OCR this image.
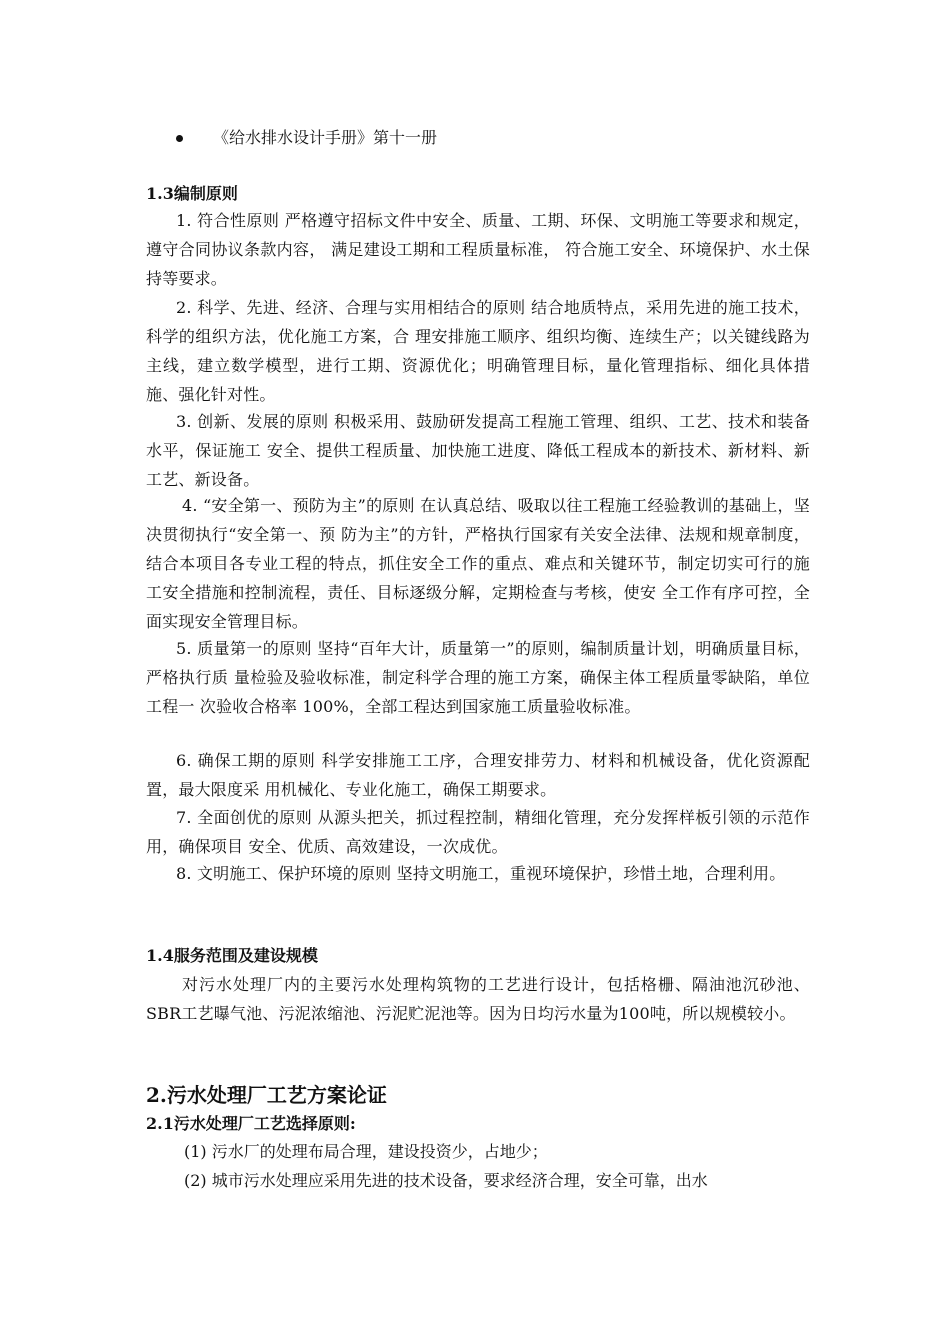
《给水排水设计手册》第十一册
1.3编制原则
1. 符合性原则 严格遵守招标文件中安全、质量、工期、环保、文明施工等要求和规定，遵守合同协议条款内容， 满足建设工期和工程质量标准， 符合施工安全、环境保护、水土保持等要求。
2. 科学、先进、经济、合理与实用相结合的原则 结合地质特点，采用先进的施工技术，科学的组织方法，优化施工方案，合 理安排施工顺序、组织均衡、连续生产；以关键线路为主线，建立数学模型，进行工期、资源优化；明确管理目标，量化管理指标、细化具体措施、强化针对性。
3. 创新、发展的原则 积极采用、鼓励研发提高工程施工管理、组织、工艺、技术和装备水平，保证施工 安全、提供工程质量、加快施工进度、降低工程成本的新技术、新材料、新工艺、新设备。
4. “安全第一、预防为主”的原则 在认真总结、吸取以往工程施工经验教训的基础上，坚决贯彻执行“安全第一、预 防为主”的方针，严格执行国家有关安全法律、法规和规章制度，结合本项目各专业工程的特点，抓住安全工作的重点、难点和关键环节，制定切实可行的施工安全措施和控制流程，责任、目标逐级分解，定期检查与考核，使安 全工作有序可控，全面实现安全管理目标。
5. 质量第一的原则 坚持“百年大计，质量第一”的原则，编制质量计划，明确质量目标，严格执行质 量检验及验收标准，制定科学合理的施工方案，确保主体工程质量零缺陷，单位工程一 次验收合格率 100%，全部工程达到国家施工质量验收标准。
6. 确保工期的原则 科学安排施工工序，合理安排劳力、材料和机械设备，优化资源配置，最大限度采 用机械化、专业化施工，确保工期要求。
7. 全面创优的原则 从源头把关，抓过程控制，精细化管理，充分发挥样板引领的示范作用，确保项目 安全、优质、高效建设，一次成优。
8. 文明施工、保护环境的原则 坚持文明施工，重视环境保护，珍惜土地，合理利用。
1.4服务范围及建设规模
对污水处理厂内的主要污水处理构筑物的工艺进行设计，包括格栅、隔油池沉砂池、SBR工艺曝气池、污泥浓缩池、污泥贮泥池等。因为日均污水量为100吨，所以规模较小。
2.污水处理厂工艺方案论证
2.1污水处理厂工艺选择原则:
(1) 污水厂的处理布局合理，建设投资少，占地少；
(2) 城市污水处理应采用先进的技术设备，要求经济合理，安全可靠，出水
